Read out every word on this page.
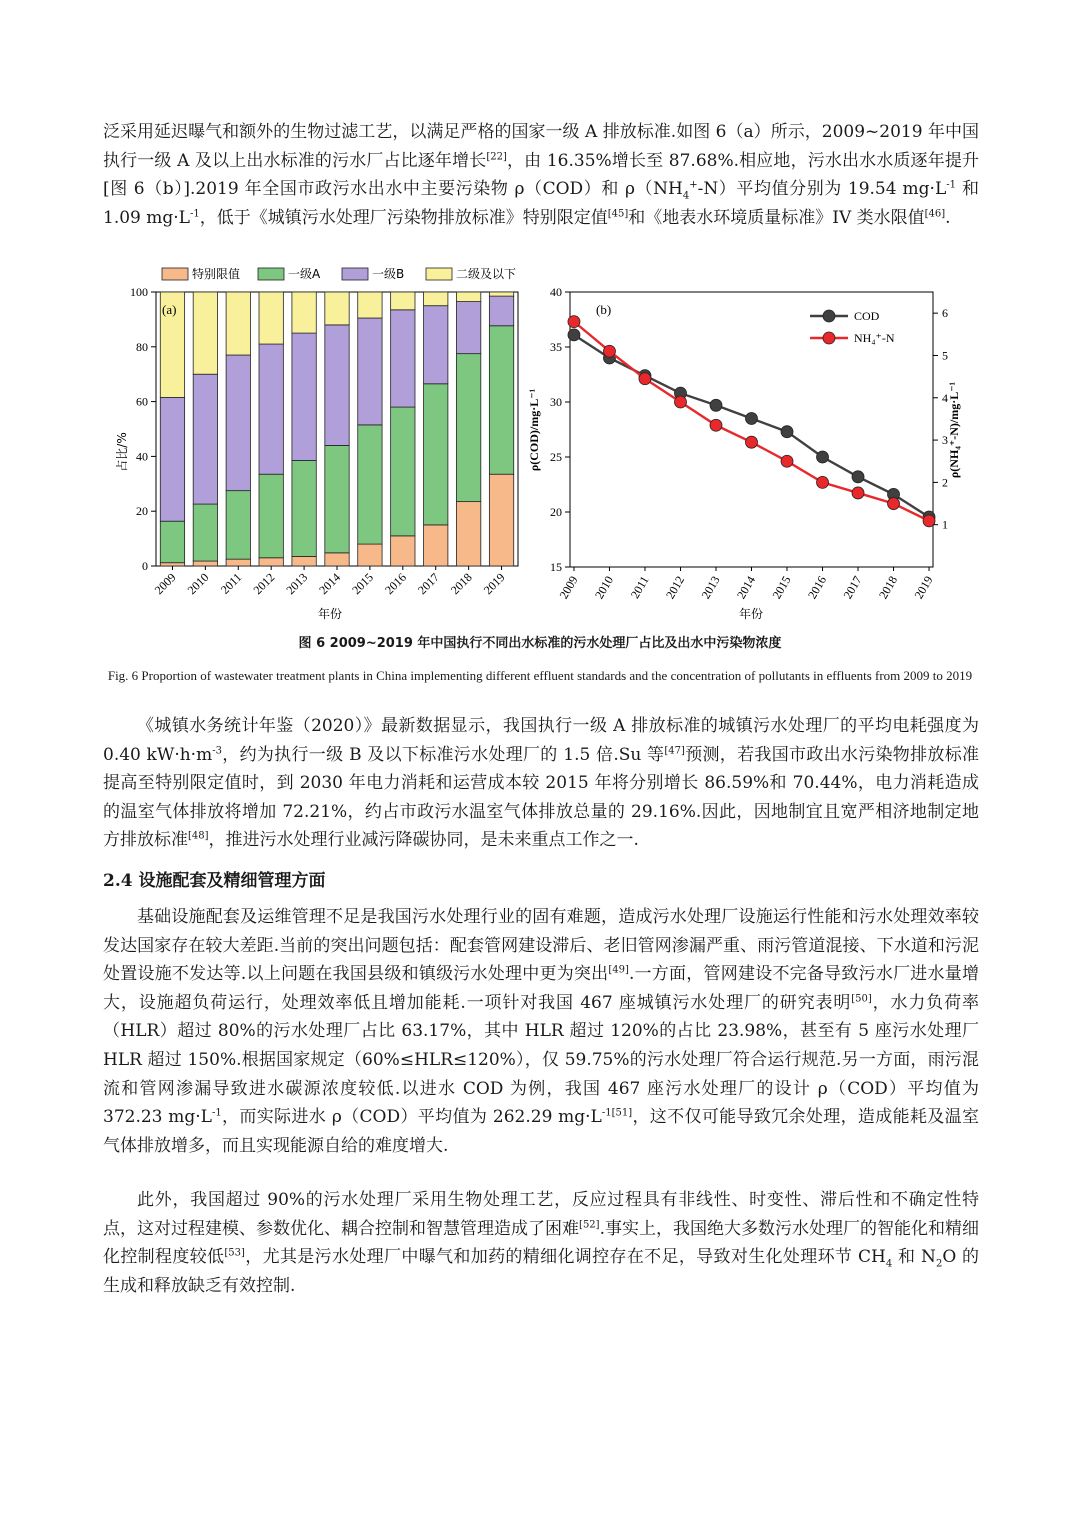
泛采用延迟曝气和额外的生物过滤工艺，以满足严格的国家一级 A 排放标准.如图 6（a）所示，2009~2019 年中国执行一级 A 及以上出水标准的污水厂占比逐年增长[22]，由 16.35%增长至 87.68%.相应地，污水出水水质逐年提升[图 6（b）].2019 年全国市政污水出水中主要污染物 ρ（COD）和 $\rho(NH_4^+-N)$平均值分别为 19.54 $mg\cdot L^{-1}$ 和 1.09 $mg\cdot L^{-1}$，低于《城镇污水处理厂污染物排放标准》特别限定值[45]和《地表水环境质量标准》IV 类水限值[46].

特别限值	一级A	一级B	二级及以下
0
20
40
60
80
100
2009 2010 2011 2012 2013 2014 2015 2016 2017 2018 2019
(a)
占比/%
年份
15
20
25
30
35
40
1
2
3
4
5
6
2009 2010 2011 2012 2013 2014 2015 2016 2017 2018 2019
COD
NH₄⁺-N
(b)
ρ(COD)/mg·L⁻¹	ρ(NH₄⁺-N)/mg·L⁻¹
年份

图 6 2009~2019 年中国执行不同出水标准的污水处理厂占比及出水中污染物浓度

Fig. 6 Proportion of wastewater treatment plants in China implementing different effluent standards and the concentration of pollutants in effluents from 2009 to 2019

《城镇水务统计年鉴（2020）》最新数据显示，我国执行一级 A 排放标准的城镇污水处理厂的平均电耗强度为 0.40 $kW\cdot h\cdot m^{-3}$，约为执行一级 B 及以下标准污水处理厂的 1.5 倍.Su 等[47]预测，若我国市政出水污染物排放标准提高至特别限定值时，到 2030 年电力消耗和运营成本较 2015 年将分别增长 86.59%和 70.44%，电力消耗造成的温室气体排放将增加 72.21%，约占市政污水温室气体排放总量的 29.16%.因此，因地制宜且宽严相济地制定地方排放标准[48]，推进污水处理行业减污降碳协同，是未来重点工作之一.

2.4 设施配套及精细管理方面

基础设施配套及运维管理不足是我国污水处理行业的固有难题，造成污水处理厂设施运行性能和污水处理效率较发达国家存在较大差距.当前的突出问题包括：配套管网建设滞后、老旧管网渗漏严重、雨污管道混接、下水道和污泥处置设施不发达等.以上问题在我国县级和镇级污水处理中更为突出[49].一方面，管网建设不完备导致污水厂进水量增大，设施超负荷运行，处理效率低且增加能耗.一项针对我国 467 座城镇污水处理厂的研究表明[50]，水力负荷率（HLR）超过 80%的污水处理厂占比 63.17%，其中 HLR 超过 120%的占比 23.98%，甚至有 5 座污水处理厂 HLR 超过 150%.根据国家规定（60%≤HLR≤120%），仅 59.75%的污水处理厂符合运行规范.另一方面，雨污混流和管网渗漏导致进水碳源浓度较低.以进水 COD 为例，我国 467 座污水处理厂的设计 ρ（COD）平均值为 372.23 $mg\cdot L^{-1}$，而实际进水 ρ（COD）平均值为 262.29 $mg\cdot L^{-1[51]}$，这不仅可能导致冗余处理，造成能耗及温室气体排放增多，而且实现能源自给的难度增大.

此外，我国超过 90%的污水处理厂采用生物处理工艺，反应过程具有非线性、时变性、滞后性和不确定性特点，这对过程建模、参数优化、耦合控制和智慧管理造成了困难[52].事实上，我国绝大多数污水处理厂的智能化和精细化控制程度较低[53]，尤其是污水处理厂中曝气和加药的精细化调控存在不足，导致对生化处理环节 $CH_4$ 和 $N_2O$ 的生成和释放缺乏有效控制.
